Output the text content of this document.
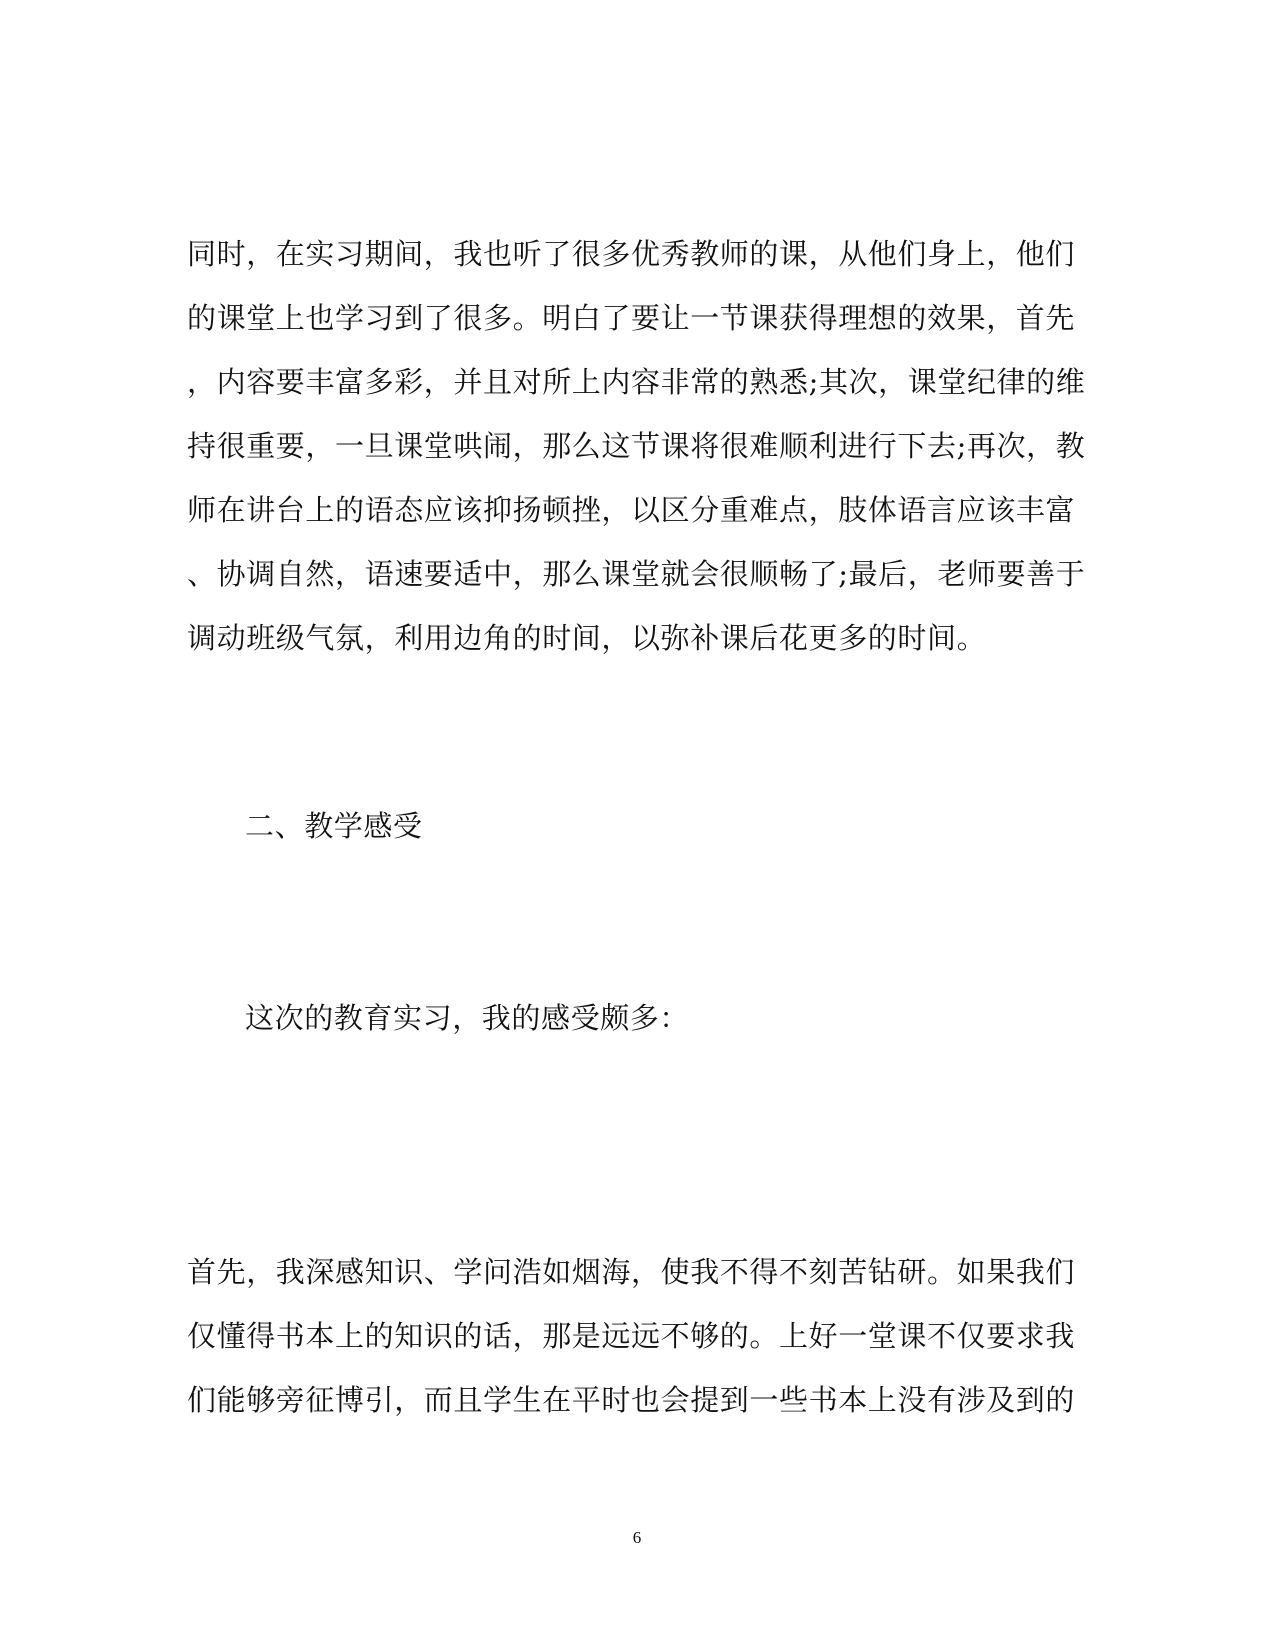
同时，在实习期间，我也听了很多优秀教师的课，从他们身上，他们
的课堂上也学习到了很多。明白了要让一节课获得理想的效果，首先
，内容要丰富多彩，并且对所上内容非常的熟悉;其次，课堂纪律的维
持很重要，一旦课堂哄闹，那么这节课将很难顺利进行下去;再次，教
师在讲台上的语态应该抑扬顿挫，以区分重难点，肢体语言应该丰富
、协调自然，语速要适中，那么课堂就会很顺畅了;最后，老师要善于
调动班级气氛，利用边角的时间，以弥补课后花更多的时间。
二、教学感受
这次的教育实习，我的感受颇多：
首先，我深感知识、学问浩如烟海，使我不得不刻苦钻研。如果我们
仅懂得书本上的知识的话，那是远远不够的。上好一堂课不仅要求我
们能够旁征博引，而且学生在平时也会提到一些书本上没有涉及到的
6
